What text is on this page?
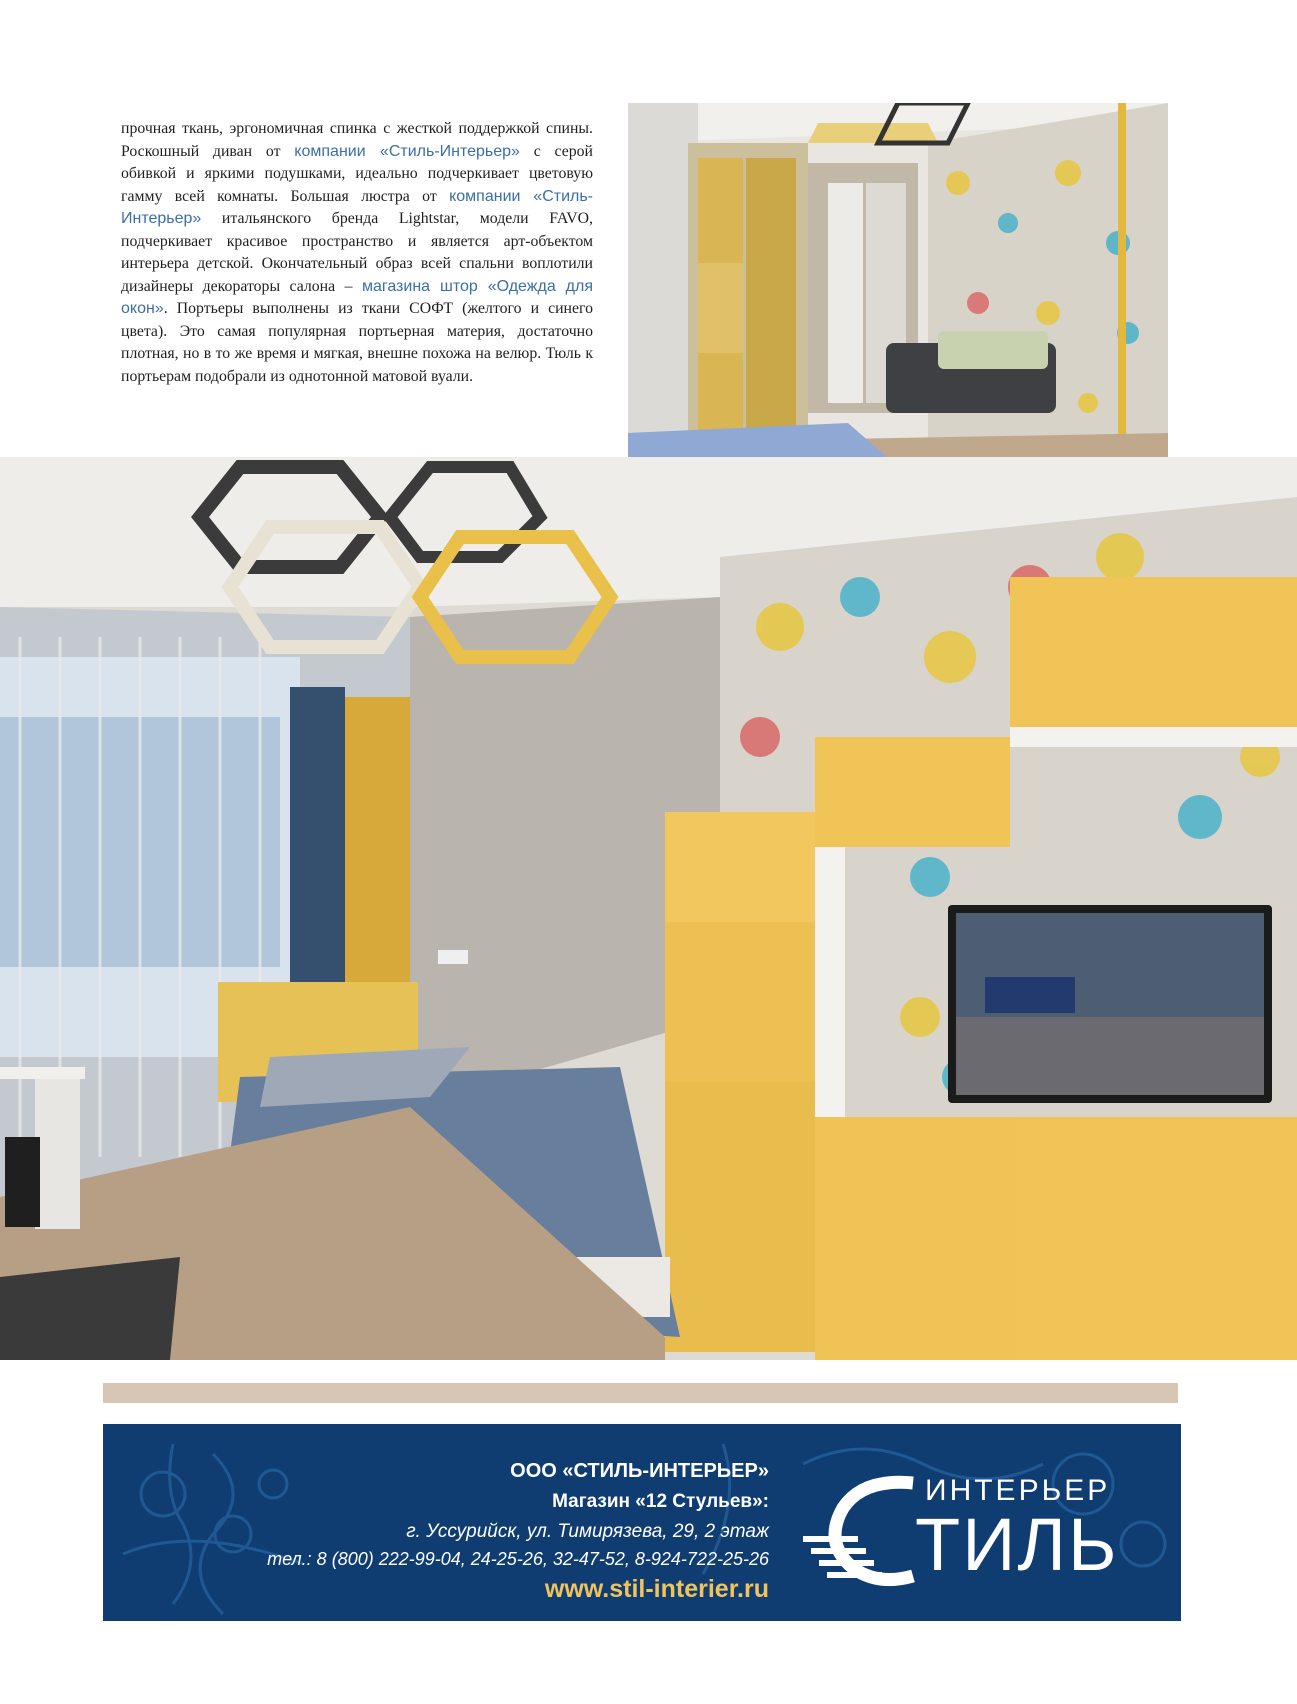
прочная ткань, эргономичная спинка с жесткой поддержкой спины. Роскошный диван от компании «Стиль-Интерьер» с серой обивкой и яркими подушками, идеально подчеркивает цветовую гамму всей комнаты. Большая люстра от компании «Стиль-Интерьер» итальянского бренда Lightstar, модели FAVO, подчеркивает красивое пространство и является арт-объектом интерьера детской. Окончательный образ всей спальни воплотили дизайнеры декораторы салона – магазина штор «Одежда для окон». Портьеры выполнены из ткани СОФТ (желтого и синего цвета). Это самая популярная портьерная материя, достаточно плотная, но в то же время и мягкая, внешне похожа на велюр. Тюль к портьерам подобрали из однотонной матовой вуали.

ООО «СТИЛЬ-ИНТЕРЬЕР»
Магазин «12 Стульев»:
г. Уссурийск, ул. Тимирязева, 29, 2 этаж
тел.: 8 (800) 222-99-04, 24-25-26, 32-47-52, 8-924-722-25-26
www.stil-interier.ru
ИНТЕРЬЕР
ТИЛЬ
